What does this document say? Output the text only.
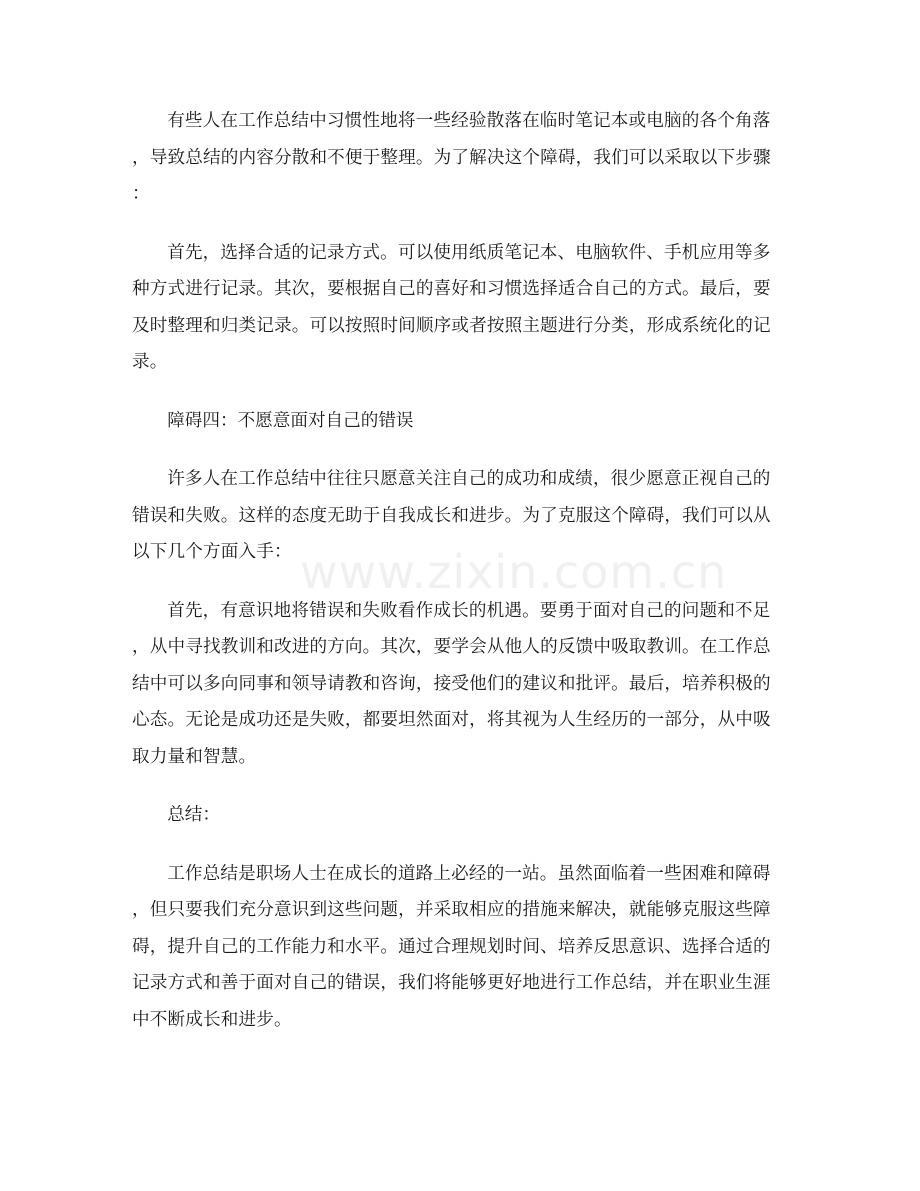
www.zixin.com.cn

有些人在工作总结中习惯性地将一些经验散落在临时笔记本或电脑的各个角落
，导致总结的内容分散和不便于整理。为了解决这个障碍，我们可以采取以下步骤
：

首先，选择合适的记录方式。可以使用纸质笔记本、电脑软件、手机应用等多
种方式进行记录。其次，要根据自己的喜好和习惯选择适合自己的方式。最后，要
及时整理和归类记录。可以按照时间顺序或者按照主题进行分类，形成系统化的记
录。

障碍四：不愿意面对自己的错误

许多人在工作总结中往往只愿意关注自己的成功和成绩，很少愿意正视自己的
错误和失败。这样的态度无助于自我成长和进步。为了克服这个障碍，我们可以从
以下几个方面入手：

首先，有意识地将错误和失败看作成长的机遇。要勇于面对自己的问题和不足
，从中寻找教训和改进的方向。其次，要学会从他人的反馈中吸取教训。在工作总
结中可以多向同事和领导请教和咨询，接受他们的建议和批评。最后，培养积极的
心态。无论是成功还是失败，都要坦然面对，将其视为人生经历的一部分，从中吸
取力量和智慧。

总结：

工作总结是职场人士在成长的道路上必经的一站。虽然面临着一些困难和障碍
，但只要我们充分意识到这些问题，并采取相应的措施来解决，就能够克服这些障
碍，提升自己的工作能力和水平。通过合理规划时间、培养反思意识、选择合适的
记录方式和善于面对自己的错误，我们将能够更好地进行工作总结，并在职业生涯
中不断成长和进步。
